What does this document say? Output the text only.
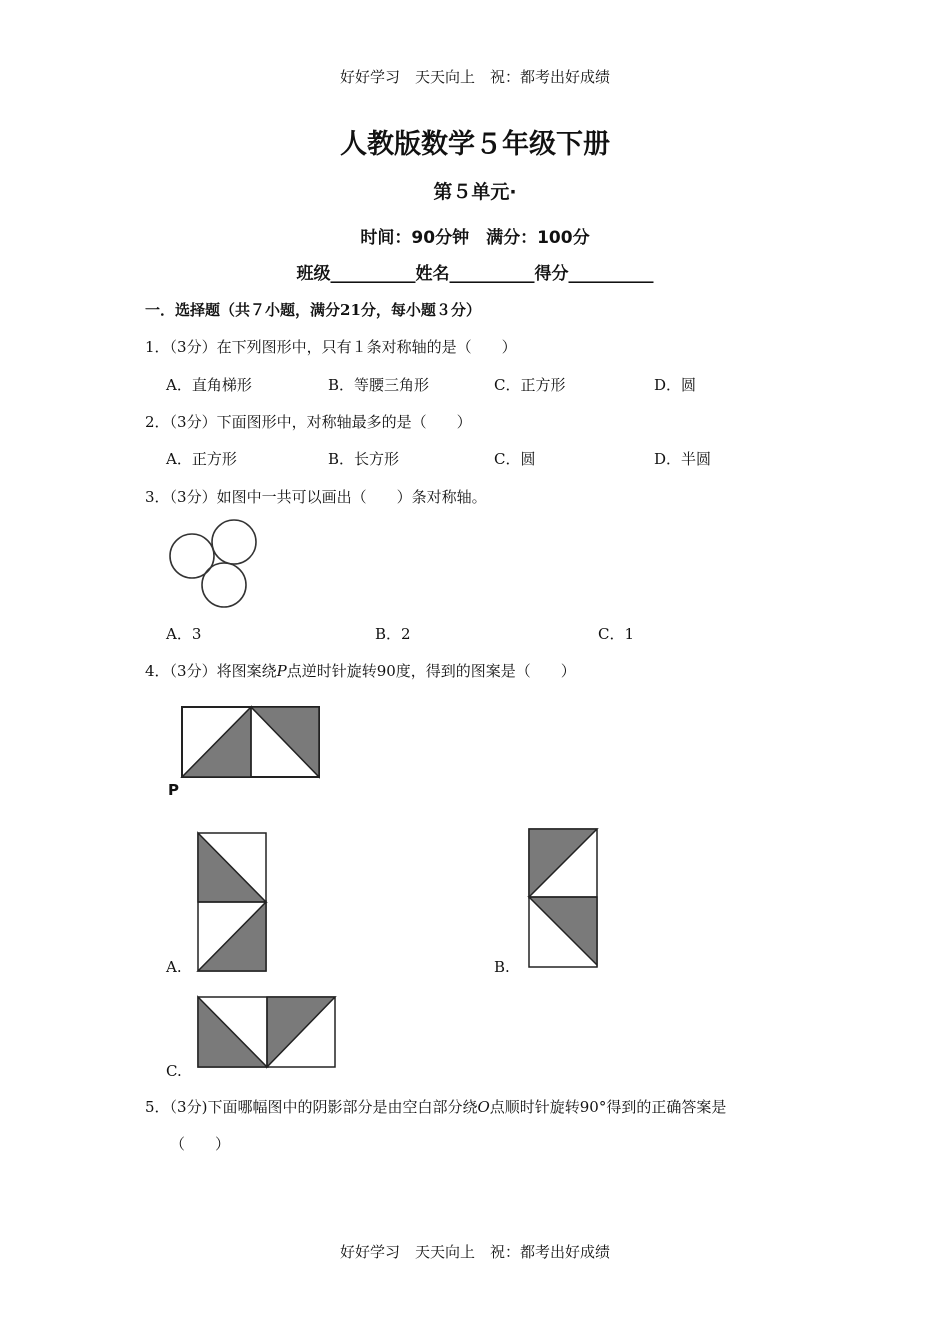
好好学习　天天向上　祝：都考出好成绩
人教版数学５年级下册
第５单元·
时间：90分钟　满分：100分
班级__________姓名__________得分__________
一．选择题（共７小题，满分21分，每小题３分）
1．（3分）在下列图形中，只有１条对称轴的是（　　）
A．直角梯形	B．等腰三角形	C．正方形	D．圆
2．（3分）下面图形中，对称轴最多的是（　　）
A．正方形	B．长方形	C．圆	D．半圆
3．（3分）如图中一共可以画出（　　）条对称轴。
A．3	B．2	C．1
4．（3分）将图案绕P点逆时针旋转90度，得到的图案是（　　）
P
A.	B.
C.
5．（3分)下面哪幅图中的阴影部分是由空白部分绕O点顺时针旋转90°得到的正确答案是
（　　）
好好学习　天天向上　祝：都考出好成绩
